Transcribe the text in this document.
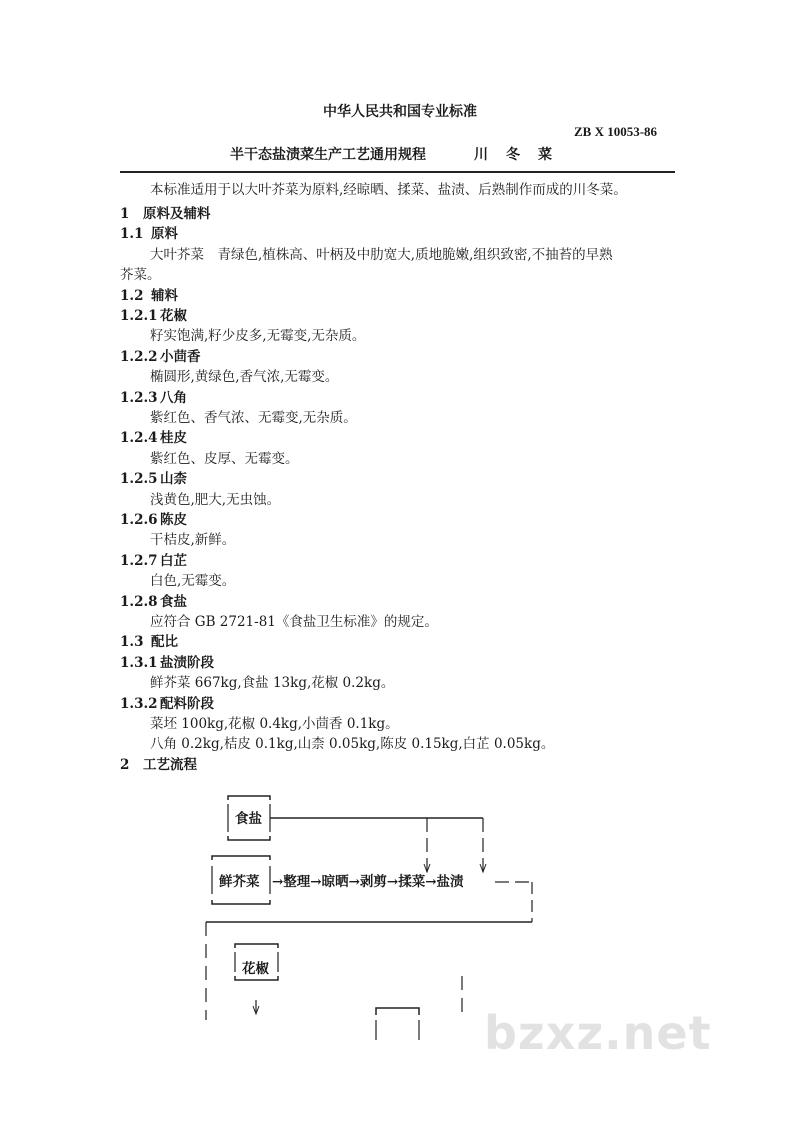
中华人民共和国专业标准
ZB X 10053-86
半干态盐渍菜生产工艺通用规程	川冬菜
本标准适用于以大叶芥菜为原料,经晾晒、揉菜、盐渍、后熟制作而成的川冬菜。
1 原料及辅料
1.1 原料
大叶芥菜　青绿色,植株高、叶柄及中肋宽大,质地脆嫩,组织致密,不抽苔的早熟
芥菜。
1.2 辅料
1.2.1 花椒
籽实饱满,籽少皮多,无霉变,无杂质。
1.2.2 小茴香
椭圆形,黄绿色,香气浓,无霉变。
1.2.3 八角
紫红色、香气浓、无霉变,无杂质。
1.2.4 桂皮
紫红色、皮厚、无霉变。
1.2.5 山柰
浅黄色,肥大,无虫蚀。
1.2.6 陈皮
干桔皮,新鲜。
1.2.7 白芷
白色,无霉变。
1.2.8 食盐
应符合 GB 2721-81《食盐卫生标准》的规定。
1.3 配比
1.3.1 盐渍阶段
鲜芥菜 667kg,食盐 13kg,花椒 0.2kg。
1.3.2 配料阶段
菜坯 100kg,花椒 0.4kg,小茴香 0.1kg。
八角 0.2kg,桔皮 0.1kg,山柰 0.05kg,陈皮 0.15kg,白芷 0.05kg。
2 工艺流程
食盐
鲜芥菜 →整理→晾晒→剥剪→揉菜→盐渍
花椒
bzxz.net
